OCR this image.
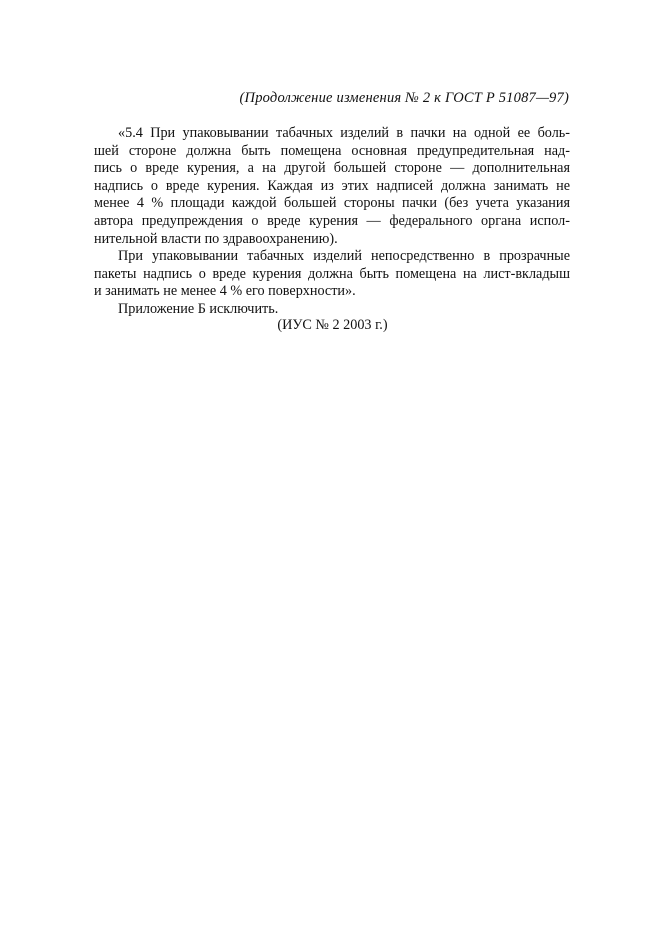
(Продолжение изменения № 2 к ГОСТ Р 51087—97)
«5.4 При упаковывании табачных изделий в пачки на одной ее боль-
шей стороне должна быть помещена основная предупредительная над-
пись о вреде курения, а на другой большей стороне — дополнительная
надпись о вреде курения. Каждая из этих надписей должна занимать не
менее 4 % площади каждой большей стороны пачки (без учета указания
автора предупреждения о вреде курения — федерального органа испол-
нительной власти по здравоохранению).
При упаковывании табачных изделий непосредственно в прозрачные
пакеты надпись о вреде курения должна быть помещена на лист-вкладыш
и занимать не менее 4 % его поверхности».
Приложение Б исключить.
(ИУС № 2 2003 г.)
